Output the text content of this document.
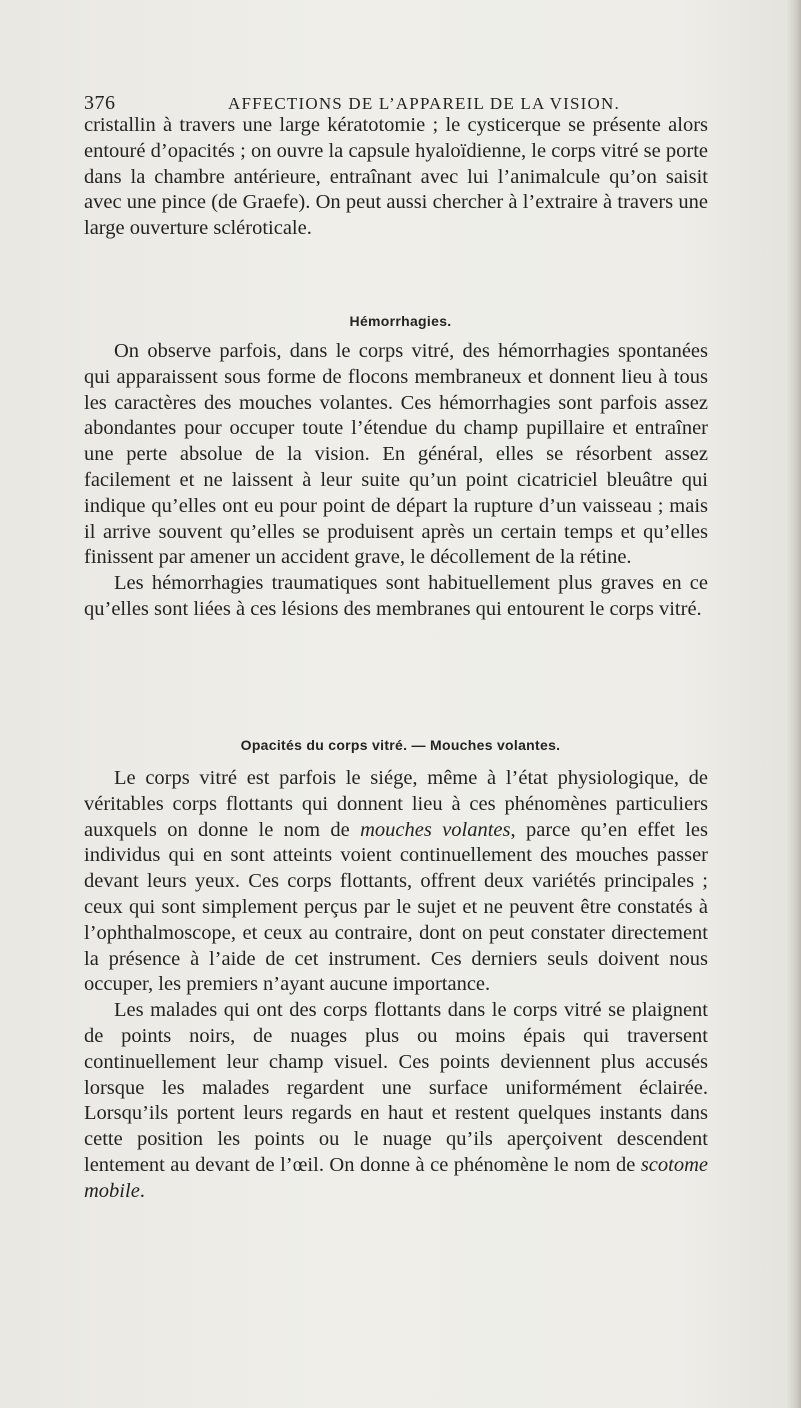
376	AFFECTIONS DE L’APPAREIL DE LA VISION.

cristallin à travers une large kératotomie ; le cysticerque se présente alors entouré d’opacités ; on ouvre la capsule hyaloïdienne, le corps vitré se porte dans la chambre antérieure, entraînant avec lui l’animalcule qu’on saisit avec une pince (de Graefe). On peut aussi chercher à l’extraire à travers une large ouverture scléroticale.

Hémorrhagies.

On observe parfois, dans le corps vitré, des hémorrhagies spontanées qui apparaissent sous forme de flocons membraneux et donnent lieu à tous les caractères des mouches volantes. Ces hémorrhagies sont parfois assez abondantes pour occuper toute l’étendue du champ pupillaire et entraîner une perte absolue de la vision. En général, elles se résorbent assez facilement et ne laissent à leur suite qu’un point cicatriciel bleuâtre qui indique qu’elles ont eu pour point de départ la rupture d’un vaisseau ; mais il arrive souvent qu’elles se produisent après un certain temps et qu’elles finissent par amener un accident grave, le décollement de la rétine.

Les hémorrhagies traumatiques sont habituellement plus graves en ce qu’elles sont liées à ces lésions des membranes qui entourent le corps vitré.

Opacités du corps vitré. — Mouches volantes.

Le corps vitré est parfois le siége, même à l’état physiologique, de véritables corps flottants qui donnent lieu à ces phénomènes particuliers auxquels on donne le nom de mouches volantes, parce qu’en effet les individus qui en sont atteints voient continuellement des mouches passer devant leurs yeux. Ces corps flottants, offrent deux variétés principales ; ceux qui sont simplement perçus par le sujet et ne peuvent être constatés à l’ophthalmoscope, et ceux au contraire, dont on peut constater directement la présence à l’aide de cet instrument. Ces derniers seuls doivent nous occuper, les premiers n’ayant aucune importance.

Les malades qui ont des corps flottants dans le corps vitré se plaignent de points noirs, de nuages plus ou moins épais qui traversent continuellement leur champ visuel. Ces points deviennent plus accusés lorsque les malades regardent une surface uniformément éclairée. Lorsqu’ils portent leurs regards en haut et restent quelques instants dans cette position les points ou le nuage qu’ils aperçoivent descendent lentement au devant de l’œil. On donne à ce phénomène le nom de scotome mobile.
